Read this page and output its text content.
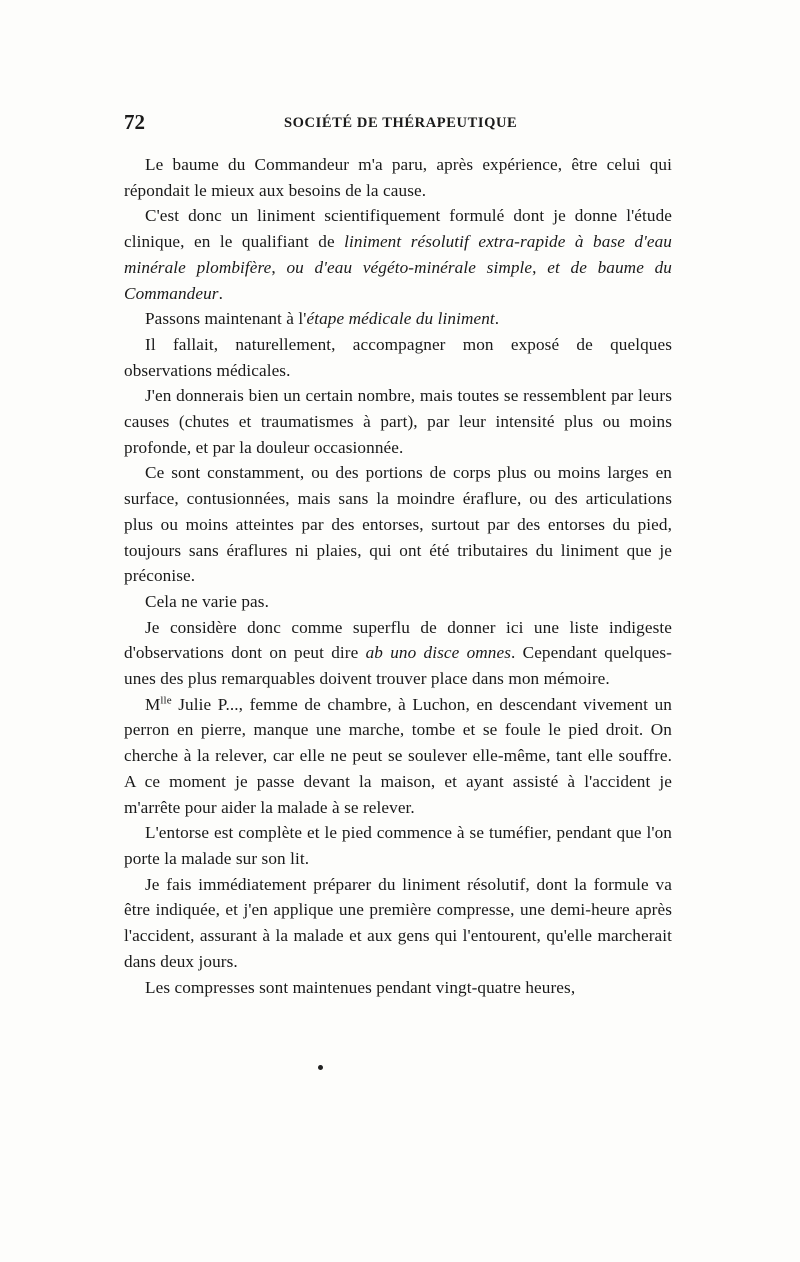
72	SOCIÉTÉ DE THÉRAPEUTIQUE

Le baume du Commandeur m'a paru, après expérience, être celui qui répondait le mieux aux besoins de la cause.

C'est donc un liniment scientifiquement formulé dont je donne l'étude clinique, en le qualifiant de liniment résolutif extra-rapide à base d'eau minérale plombifère, ou d'eau végéto-minérale simple, et de baume du Commandeur.

Passons maintenant à l'étape médicale du liniment.

Il fallait, naturellement, accompagner mon exposé de quelques observations médicales.

J'en donnerais bien un certain nombre, mais toutes se ressemblent par leurs causes (chutes et traumatismes à part), par leur intensité plus ou moins profonde, et par la douleur occasionnée.

Ce sont constamment, ou des portions de corps plus ou moins larges en surface, contusionnées, mais sans la moindre éraflure, ou des articulations plus ou moins atteintes par des entorses, surtout par des entorses du pied, toujours sans éraflures ni plaies, qui ont été tributaires du liniment que je préconise.

Cela ne varie pas.

Je considère donc comme superflu de donner ici une liste indigeste d'observations dont on peut dire ab uno disce omnes. Cependant quelques-unes des plus remarquables doivent trouver place dans mon mémoire.

$M^{lle}$ Julie P..., femme de chambre, à Luchon, en descendant vivement un perron en pierre, manque une marche, tombe et se foule le pied droit. On cherche à la relever, car elle ne peut se soulever elle-même, tant elle souffre. A ce moment je passe devant la maison, et ayant assisté à l'accident je m'arrête pour aider la malade à se relever.

L'entorse est complète et le pied commence à se tuméfier, pendant que l'on porte la malade sur son lit.

Je fais immédiatement préparer du liniment résolutif, dont la formule va être indiquée, et j'en applique une première compresse, une demi-heure après l'accident, assurant à la malade et aux gens qui l'entourent, qu'elle marcherait dans deux jours.

Les compresses sont maintenues pendant vingt-quatre heures,
